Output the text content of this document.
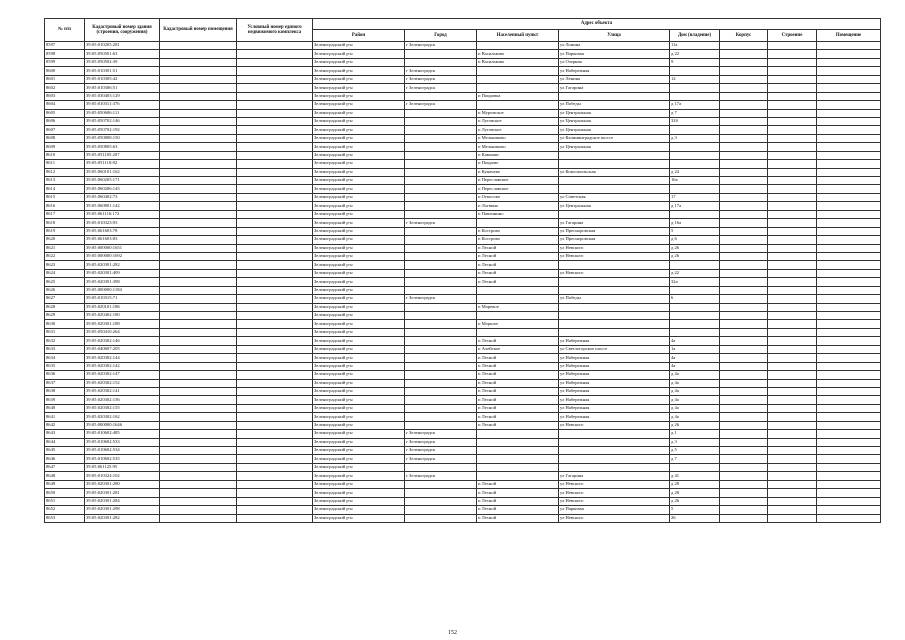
№ п/п	Кадастровый номер здания (строения, сооружения)	Кадастровый номер помещения	Условный номер единого недвижимого комплекса	Адрес объекта							
				Район	Город	Населенный пункт	Улица	Дом (владение)	Корпус	Строение	Помещение
8597	39:05:010205:281			Зеленоградский р-н	г Зеленоградск		ул Лонина	11а			
8598	39:05:050501:63			Зеленоградский р-н		п Васильково	ул Парковая	д 22			
8599	39:05:050502:39			Зеленоградский р-н		п Васильково	ул Озерная	9			
8600	39:05:010301:51			Зеленоградский р-н	г Зеленоградск		ул Набережная				
8601	39:05:010305:42			Зеленоградский р-н	г Зеленоградск		ул Ленина	12			
8602	39:05:010306:51			Зеленоградский р-н	г Зеленоградск		ул Гагарина				
8603	39:05:030403:129			Зеленоградский р-н		п Покровка					
8604	39:05:010311:376			Зеленоградский р-н	г Зеленоградск		ул Победы	д 17а			
8605	39:05:050606:111			Зеленоградский р-н		п Муромское	ул Центральная	д 7			
8606	39:05:050702:146			Зеленоградский р-н		п Луговское	ул Центральная	32б			
8607	39:05:050702:192			Зеленоградский р-н		п Луговское	ул Центральная				
8608	39:05:050808:150			Зеленоградский р-н		п Мельниково	ул Калининградское шоссе	д 3			
8609	39:05:050805:63			Зеленоградский р-н		п Мельниково	ул Центральная				
8610	39:05:051105:207			Зеленоградский р-н		п Камыши					
8611	39:05:051110:82			Зеленоградский р-н		п Покрово					
8612	39:05:060101:162			Зеленоградский р-н		п Кумачево	ул Комсомольская	д 24			
8613	39:05:060205:171			Зеленоградский р-н		п Переславское		16а			
8614	39:05:060206:145			Зеленоградский р-н		п Переславское					
8615	39:05:060402:73			Зеленоградский р-н		п Откосово	ул Советская	17			
8616	39:05:060801:142			Зеленоградский р-н		п Логвино	ул Центральная	д 17а			
8617	39:05:061116:172			Зеленоградский р-н		п Павлинино					
8618	39:05:010323:93			Зеленоградский р-н	г Зеленоградск		ул Гагарина	д 16а			
8619	39:05:061603:78			Зеленоградский р-н		п Кострово	ул Пресноровская	5			
8620	39:05:061603:83			Зеленоградский р-н		п Кострово	ул Пресноровская	д 6			
8621	39:05:000000:1651			Зеленоградский р-н		п Лесной	ул Невского	д 26			
8622	39:05:000000:1692			Зеленоградский р-н		п Лесной	ул Невского	д 26			
8623	39:05:020301:282			Зеленоградский р-н		п Лесной					
8624	39:05:020301:409			Зеленоградский р-н		п Лесной	ул Невского	д 22			
8625	39:05:020301:398			Зеленоградский р-н		п Лесной		32а			
8626	39:05:000000:1184			Зеленоградский р-н							
8627	39:05:010315:71			Зеленоградский р-н	г Зеленоградск		ул Победы	6			
8628	39:05:020101:186			Зеленоградский р-н		п Моревое					
8629	39:05:020402:180			Зеленоградский р-н							
8630	39:05:020301:188			Зеленоградский р-н		п Моршое					
8631	39:05:050410:264			Зеленоградский р-н							
8632	39:05:020302:146			Зеленоградский р-н		п Лесной	ул Набережная	4а			
8633	39:05:040607:205			Зеленоградский р-н		п Алейское	ул Светлогорское шоссе	1а			
8634	39:05:020302:144			Зеленоградский р-н		п Лесной	ул Набережная	4а			
8635	39:05:020302:142			Зеленоградский р-н		п Лесной	ул Набережная	4а			
8636	39:05:020302:147			Зеленоградский р-н		п Лесной	ул Набережная	д 4а			
8637	39:05:020302:152			Зеленоградский р-н		п Лесной	ул Набережная	д 4а			
8638	39:05:020302:141			Зеленоградский р-н		п Лесной	ул Набережная	д 4а			
8639	39:05:020302:156			Зеленоградский р-н		п Лесной	ул Набережная	д 4а			
8640	39:05:020302:155			Зеленоградский р-н		п Лесной	ул Набережная	д 4а			
8641	39:05:020302:162			Зеленоградский р-н		п Лесной	ул Набережная	д 4а			
8642	39:05:000000:1646			Зеленоградский р-н		п Лесной	ул Невского	д 26			
8643	39:05:010602:485			Зеленоградский р-н	г Зеленоградск			д 1			
8644	39:05:010602:533			Зеленоградский р-н	г Зеленоградск			д 3			
8645	39:05:010602:534			Зеленоградский р-н	г Зеленоградск			д 5			
8646	39:05:010602:535			Зеленоградский р-н	г Зеленоградск			д 7			
8647	39:05:061125:95			Зеленоградский р-н							
8648	39:05:010324:102			Зеленоградский р-н	г Зеленоградск		ул Гагарина	д 41			
8649	39:05:020301:280			Зеленоградский р-н		п Лесной	ул Невского	д 28			
8650	39:05:020301:281			Зеленоградский р-н		п Лесной	ул Невского	д 28			
8651	39:05:020301:284			Зеленоградский р-н		п Лесной	ул Невского	д 26			
8652	39:05:020301:298			Зеленоградский р-н		п Лесной	ул Парковая	5			
8653	39:05:020301:282			Зеленоградский р-н		п Лесной	ул Невского	26			
152
